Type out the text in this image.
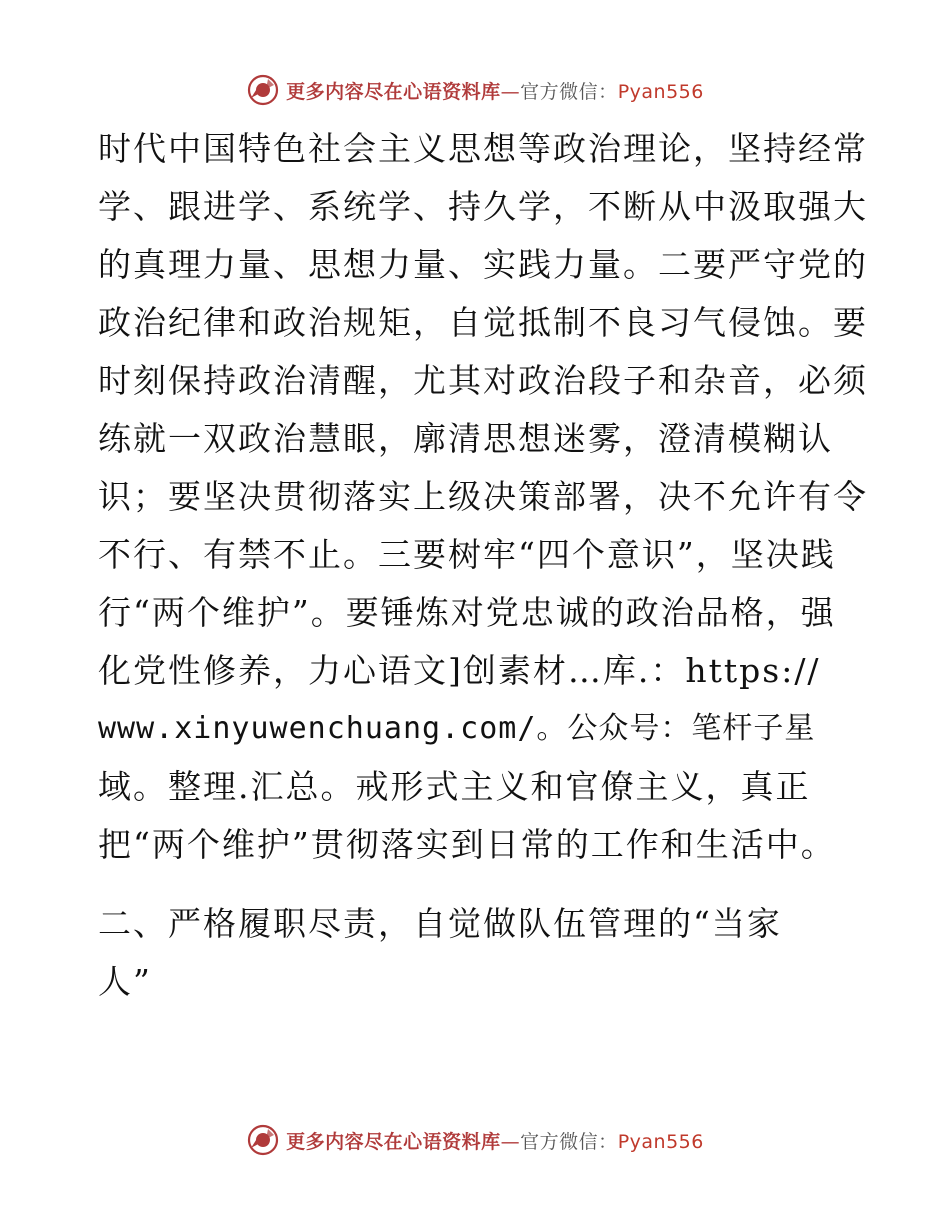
更多内容尽在心语资料库—官方微信：Pyan556
时代中国特色社会主义思想等政治理论，坚持经常
学、跟进学、系统学、持久学，不断从中汲取强大
的真理力量、思想力量、实践力量。二要严守党的
政治纪律和政治规矩，自觉抵制不良习气侵蚀。要
时刻保持政治清醒，尤其对政治段子和杂音，必须
练就一双政治慧眼，廓清思想迷雾，澄清模糊认
识；要坚决贯彻落实上级决策部署，决不允许有令
不行、有禁不止。三要树牢“四个意识”，坚决践
行“两个维护”。要锤炼对党忠诚的政治品格，强
化党性修养，力心语文]创素材…库.：https://
www.xinyuwenchuang.com/。公众号：笔杆子星
域。整理.汇总。戒形式主义和官僚主义，真正
把“两个维护”贯彻落实到日常的工作和生活中。
二、严格履职尽责，自觉做队伍管理的“当家
人”
更多内容尽在心语资料库—官方微信：Pyan556
